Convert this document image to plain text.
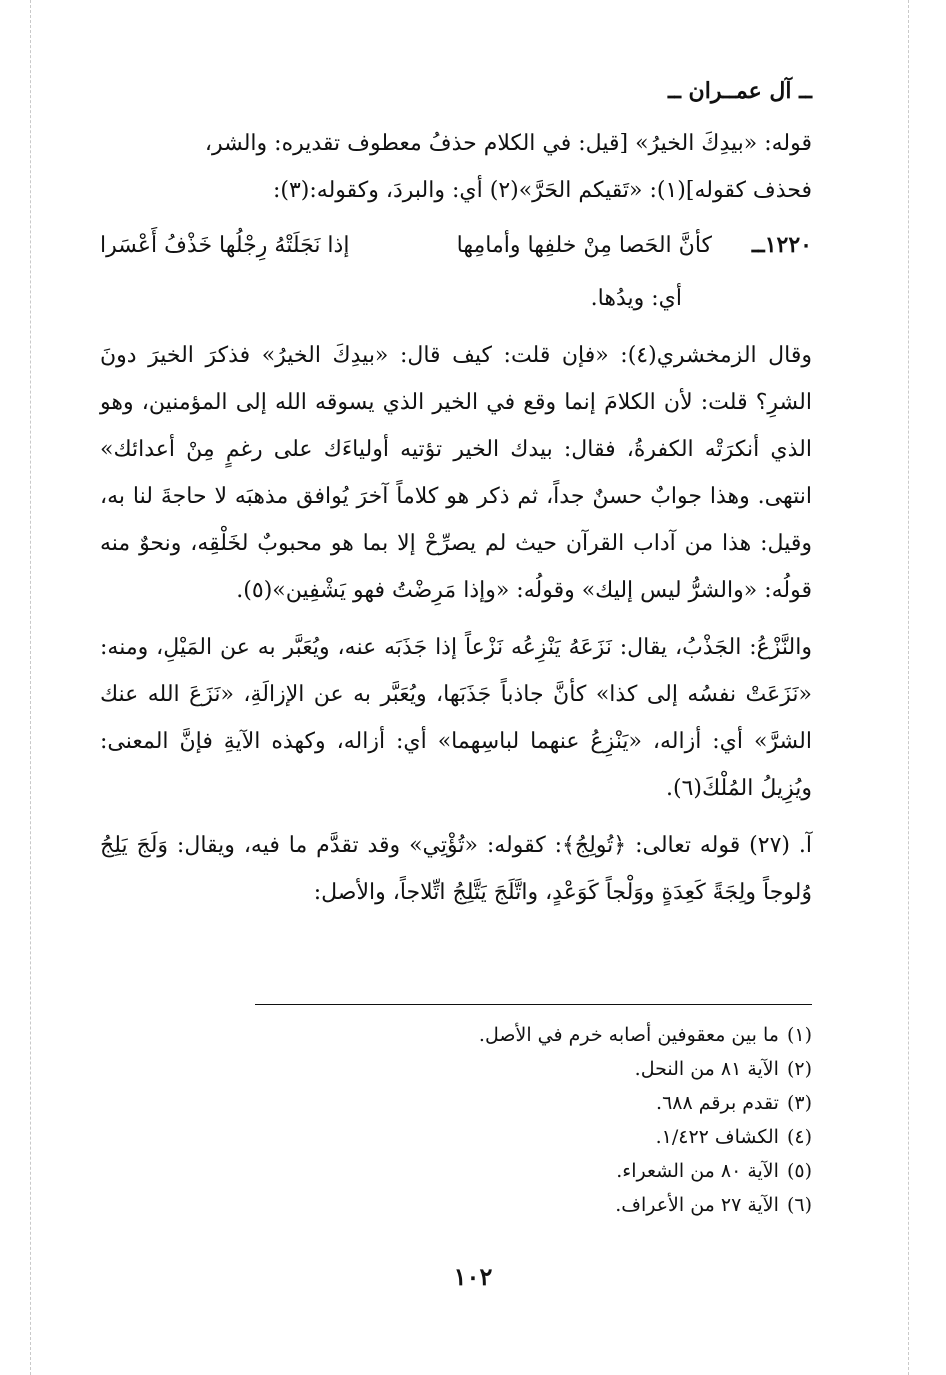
ــ آل عمــران ــ

قوله: «بيدِكَ الخيرُ» [قيل: في الكلام حذفُ معطوف تقديره: والشر،

فحذف كقوله](١): «تَقيكم الحَرَّ»(٢) أي: والبردَ، وكقوله:(٣):

١٢٢٠ــ
كأنَّ الحَصا مِنْ خلفِها وأمامِها
إذا نَجَلَتْهُ رِجْلُها خَذْفُ أَعْسَرا
أي: ويدُها.

وقال الزمخشري(٤): «فإن قلت: كيف قال: «بيدِكَ الخيرُ» فذكرَ الخيرَ دونَ الشرِ؟ قلت: لأن الكلامَ إنما وقع في الخير الذي يسوقه الله إلى المؤمنين، وهو الذي أنكرَتْه الكفرةُ، فقال: بيدك الخير تؤتيه أولياءَك على رغمٍ مِنْ أعدائك» انتهى. وهذا جوابٌ حسنٌ جداً، ثم ذكر هو كلاماً آخرَ يُوافق مذهبَه لا حاجةَ لنا به، وقيل: هذا من آداب القرآن حيث لم يصرِّحْ إلا بما هو محبوبٌ لخَلْقِه، ونحوٌ منه قولُه: «والشرُّ ليس إليك» وقولُه: «وإذا مَرِضْتُ فهو يَشْفِين»(٥).

والنَّزْعُ: الجَذْبُ، يقال: نَزَعَهُ يَنْزِعُه نَزْعاً إذا جَذَبَه عنه، ويُعَبَّر به عن المَيْلِ، ومنه: «نَزَعَتْ نفسُه إلى كذا» كأنَّ جاذباً جَذَبَها، ويُعَبَّر به عن الإزالَةِ، «نَزَعَ الله عنك الشرَّ» أي: أزاله، «يَنْزِعُ عنهما لباسِهما» أي: أزاله، وكهذه الآيةِ فإنَّ المعنى: ويُزِيلُ المُلْكَ(٦).

آ. (٢٧) قوله تعالى: ﴿تُولِجُ﴾: كقوله: «تُؤْتِي» وقد تقدَّم ما فيه، ويقال: وَلَجَ يَلِجُ وُلوجاً ولِجَةً كَعِدَةٍ ووَلْجاً كَوَعْدٍ، واتَّلَجَ يَتَّلِجُ اتِّلاجاً، والأصل:

(١)ما بين معقوفين أصابه خرم في الأصل.
(٢)الآية ٨١ من النحل.
(٣)تقدم برقم ٦٨٨.
(٤)الكشاف ١/٤٢٢.
(٥)الآية ٨٠ من الشعراء.
(٦)الآية ٢٧ من الأعراف.
١٠٢
